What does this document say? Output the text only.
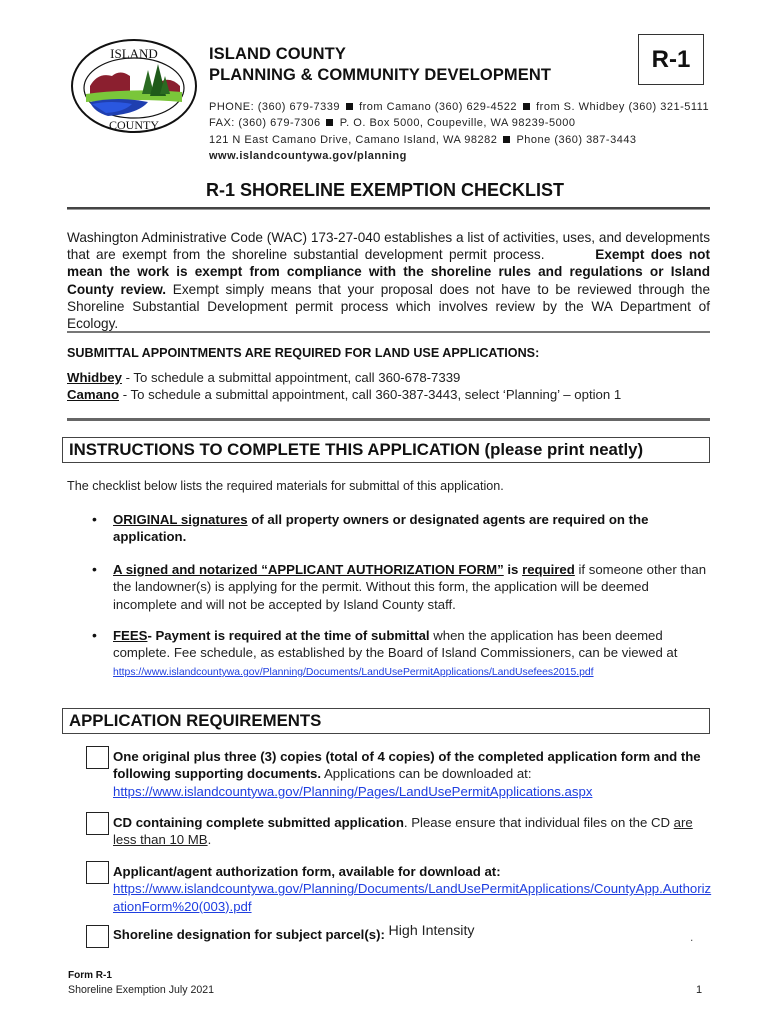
ISLAND
COUNTY
ISLAND COUNTY
PLANNING & COMMUNITY DEVELOPMENT
R-1
PHONE: (360) 679-7339 from Camano (360) 629-4522 from S. Whidbey (360) 321-5111
FAX: (360) 679-7306 P. O. Box 5000, Coupeville, WA 98239-5000
121 N East Camano Drive, Camano Island, WA 98282 Phone (360) 387-3443
www.islandcountywa.gov/planning
R-1 SHORELINE EXEMPTION CHECKLIST
Washington Administrative Code (WAC) 173-27-040 establishes a list of activities, uses, and developments that are exempt from the shoreline substantial development permit process.	Exempt does not mean the work is exempt from compliance with the shoreline rules and regulations or Island County review. Exempt simply means that your proposal does not have to be reviewed through the Shoreline Substantial Development permit process which involves review by the WA Department of Ecology.
SUBMITTAL APPOINTMENTS ARE REQUIRED FOR LAND USE APPLICATIONS:
Whidbey - To schedule a submittal appointment, call 360-678-7339
Camano - To schedule a submittal appointment, call 360-387-3443, select ‘Planning’ – option 1
INSTRUCTIONS TO COMPLETE THIS APPLICATION (please print neatly)
The checklist below lists the required materials for submittal of this application.
• ORIGINAL signatures of all property owners or designated agents are required on the application.
• A signed and notarized “APPLICANT AUTHORIZATION FORM” is required if someone other than the landowner(s) is applying for the permit. Without this form, the application will be deemed incomplete and will not be accepted by Island County staff.
• FEES- Payment is required at the time of submittal when the application has been deemed complete. Fee schedule, as established by the Board of Island Commissioners, can be viewed at https://www.islandcountywa.gov/Planning/Documents/LandUsePermitApplications/LandUsefees2015.pdf
APPLICATION REQUIREMENTS
One original plus three (3) copies (total of 4 copies) of the completed application form and the following supporting documents. Applications can be downloaded at:
https://www.islandcountywa.gov/Planning/Pages/LandUsePermitApplications.aspx
CD containing complete submitted application. Please ensure that individual files on the CD are less than 10 MB.
Applicant/agent authorization form, available for download at:
https://www.islandcountywa.gov/Planning/Documents/LandUsePermitApplications/CountyApp.AuthorizationForm%20(003).pdf
Shoreline designation for subject parcel(s): High Intensity	.
Form R-1
Shoreline Exemption July 2021	1
